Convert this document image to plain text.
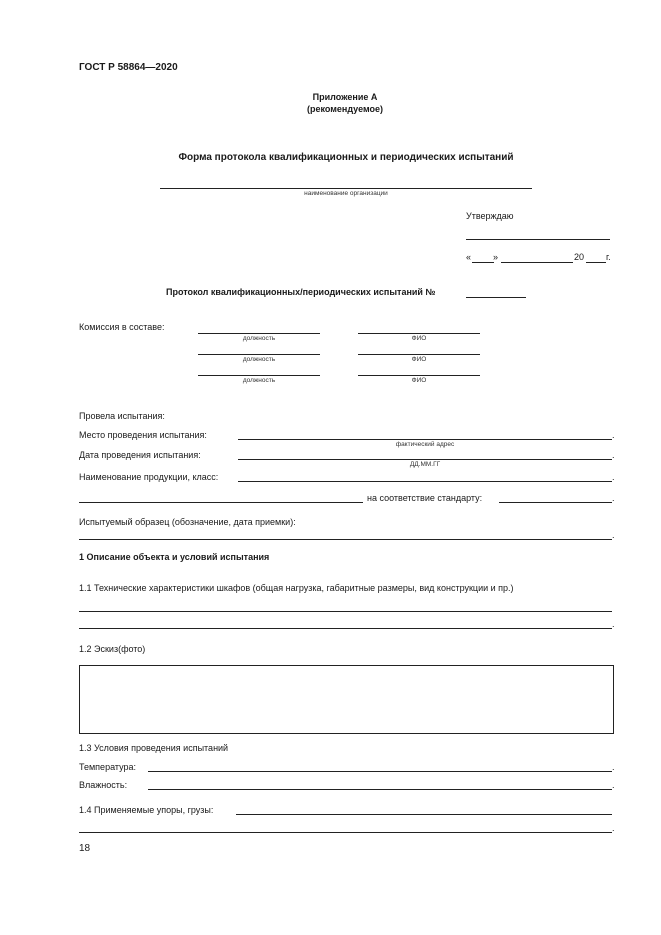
ГОСТ Р 58864—2020
Приложение А
(рекомендуемое)
Форма протокола квалификационных и периодических испытаний
наименование организации
Утверждаю
« »	20 г.
Протокол квалификационных/периодических испытаний №
Комиссия в составе:
должность	ФИО
должность	ФИО
должность	ФИО
Провела испытания:
Место проведения испытания:	.
фактический адрес
Дата проведения испытания:	.
ДД.ММ.ГГ
Наименование продукции, класс:	.
на соответствие стандарту:	.
Испытуемый образец (обозначение, дата приемки):
.
1 Описание объекта и условий испытания
1.1 Технические характеристики шкафов (общая нагрузка, габаритные размеры, вид конструкции и пр.)
.
1.2 Эскиз(фото)
1.3 Условия проведения испытаний
Температура:	.
Влажность:	.
1.4 Применяемые упоры, грузы:
.
18
